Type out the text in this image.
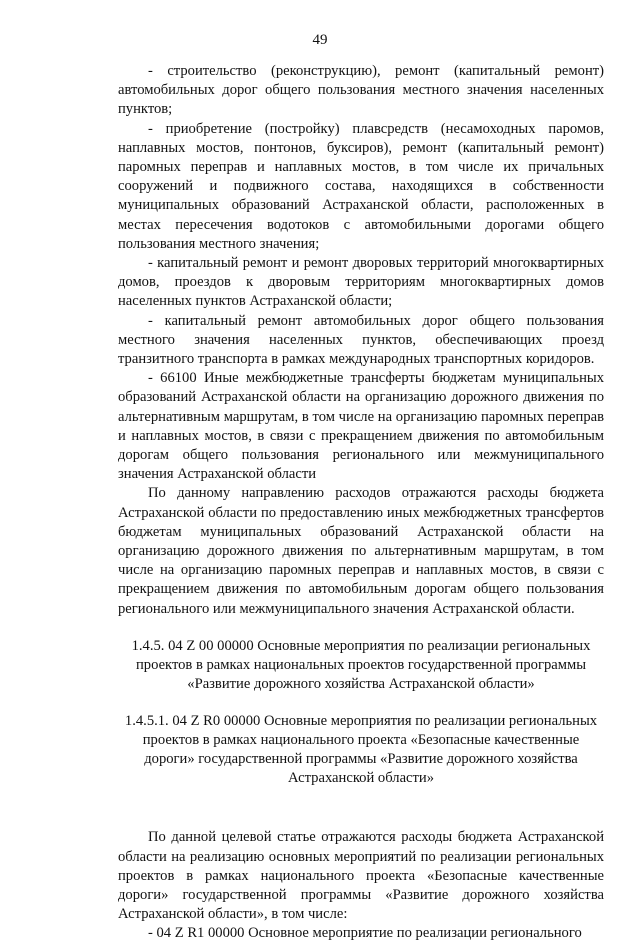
49

- строительство (реконструкцию), ремонт (капитальный ремонт) автомобильных дорог общего пользования местного значения населенных пунктов;

- приобретение (постройку) плавсредств (несамоходных паромов, наплавных мостов, понтонов, буксиров), ремонт (капитальный ремонт) паромных переправ и наплавных мостов, в том числе их причальных сооружений и подвижного состава, находящихся в собственности муниципальных образований Астраханской области, расположенных в местах пересечения водотоков с автомобильными дорогами общего пользования местного значения;

- капитальный ремонт и ремонт дворовых территорий многоквартирных домов, проездов к дворовым территориям многоквартирных домов населенных пунктов Астраханской области;

- капитальный ремонт автомобильных дорог общего пользования местного значения населенных пунктов, обеспечивающих проезд транзитного транспорта в рамках международных транспортных коридоров.

- 66100 Иные межбюджетные трансферты бюджетам муниципальных образований Астраханской области на организацию дорожного движения по альтернативным маршрутам, в том числе на организацию паромных переправ и наплавных мостов, в связи с прекращением движения по автомобильным дорогам общего пользования регионального или межмуниципального значения Астраханской области

По данному направлению расходов отражаются расходы бюджета Астраханской области по предоставлению иных межбюджетных трансфертов бюджетам муниципальных образований Астраханской области на организацию дорожного движения по альтернативным маршрутам, в том числе на организацию паромных переправ и наплавных мостов, в связи с прекращением движения по автомобильным дорогам общего пользования регионального или межмуниципального значения Астраханской области.

1.4.5. 04 Z 00 00000 Основные мероприятия по реализации региональных проектов в рамках национальных проектов государственной программы «Развитие дорожного хозяйства Астраханской области»

1.4.5.1. 04 Z R0 00000 Основные мероприятия по реализации региональных проектов в рамках национального проекта «Безопасные качественные дороги» государственной программы «Развитие дорожного хозяйства Астраханской области»

По данной целевой статье отражаются расходы бюджета Астраханской области на реализацию основных мероприятий по реализации региональных проектов в рамках национального проекта «Безопасные качественные дороги» государственной программы «Развитие дорожного хозяйства Астраханской области», в том числе:

- 04 Z R1 00000 Основное мероприятие по реализации регионального
